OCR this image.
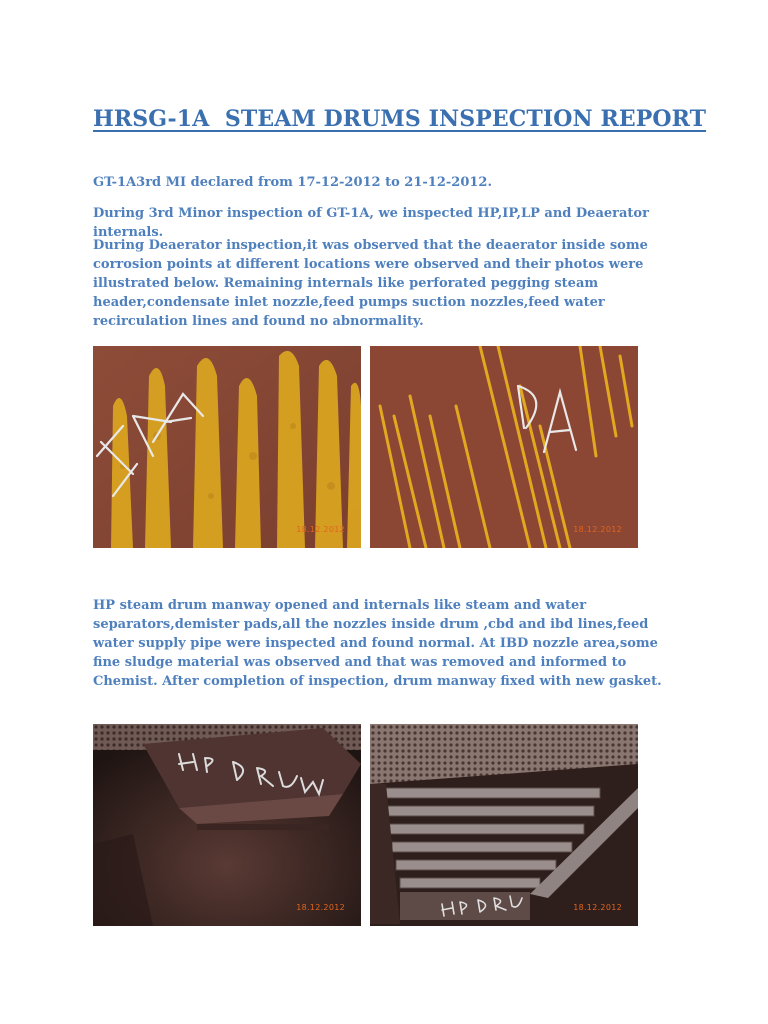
HRSG-1A  STEAM DRUMS INSPECTION REPORT

GT-1A3rd MI declared from 17-12-2012 to 21-12-2012.

During 3rd Minor inspection of GT-1A, we inspected HP,IP,LP and Deaerator internals.

During Deaerator inspection,it was observed that the deaerator inside some corrosion points at different locations were observed and their photos were illustrated below. Remaining internals like perforated pegging steam header,condensate inlet nozzle,feed pumps suction nozzles,feed water recirculation lines and found no abnormality.

18.12.2012	18.12.2012

HP steam drum manway opened and internals like steam and water separators,demister pads,all the nozzles inside drum ,cbd and ibd lines,feed water supply pipe were inspected and found normal. At IBD nozzle area,some fine sludge material was observed and that was removed and informed to Chemist. After completion of inspection, drum manway fixed with new gasket.

18.12.2012	18.12.2012
